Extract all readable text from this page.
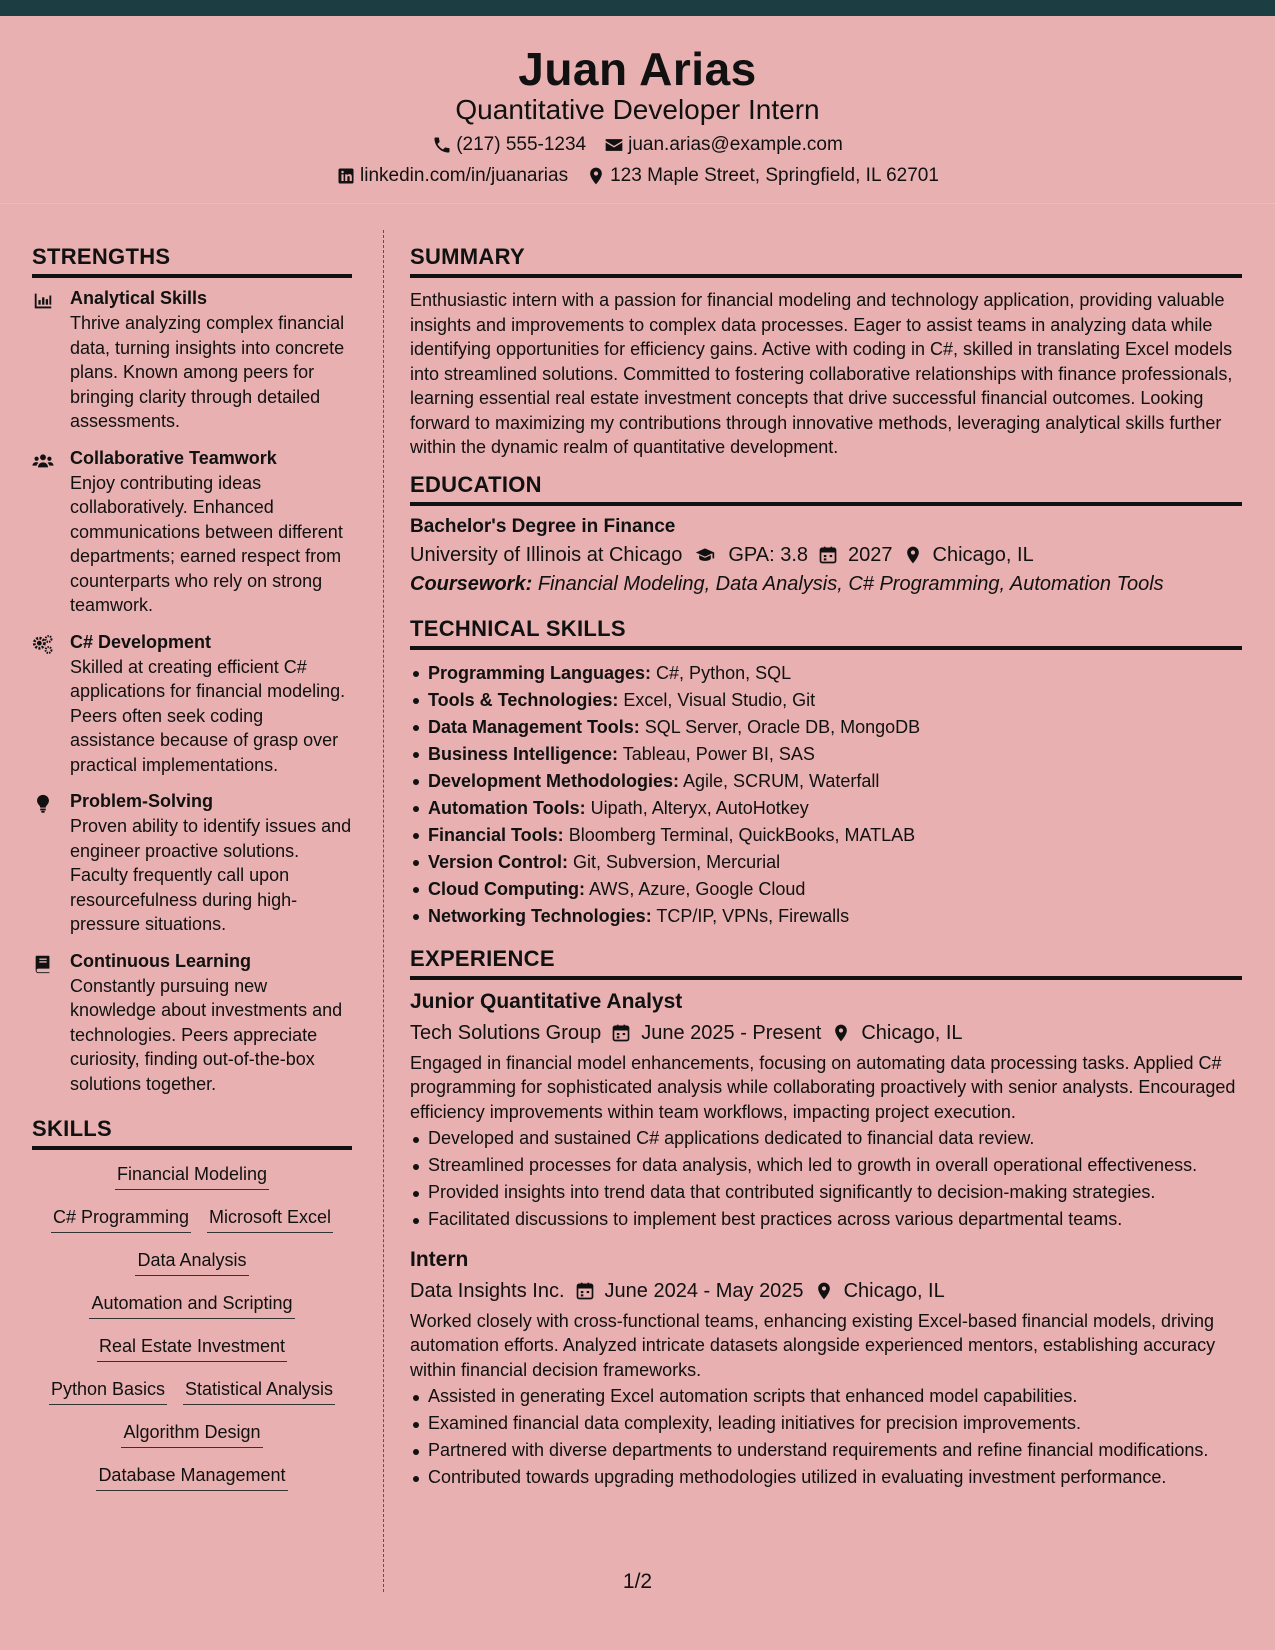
Juan Arias
Quantitative Developer Intern
(217) 555-1234 juan.arias@example.com
linkedin.com/in/juanarias 123 Maple Street, Springfield, IL 62701
STRENGTHS
Analytical Skills

Thrive analyzing complex financial data, turning insights into concrete plans. Known among peers for bringing clarity through detailed assessments.

Collaborative Teamwork

Enjoy contributing ideas collaboratively. Enhanced communications between different departments; earned respect from counterparts who rely on strong teamwork.

C# Development

Skilled at creating efficient C# applications for financial modeling. Peers often seek coding assistance because of grasp over practical implementations.

Problem-Solving

Proven ability to identify issues and engineer proactive solutions. Faculty frequently call upon resourcefulness during high-pressure situations.

Continuous Learning

Constantly pursuing new knowledge about investments and technologies. Peers appreciate curiosity, finding out-of-the-box solutions together.

SKILLS
Financial Modeling
C# Programming Microsoft Excel
Data Analysis
Automation and Scripting
Real Estate Investment
Python Basics Statistical Analysis
Algorithm Design
Database Management
SUMMARY

Enthusiastic intern with a passion for financial modeling and technology application, providing valuable insights and improvements to complex data processes. Eager to assist teams in analyzing data while identifying opportunities for efficiency gains. Active with coding in C#, skilled in translating Excel models into streamlined solutions. Committed to fostering collaborative relationships with finance professionals, learning essential real estate investment concepts that drive successful financial outcomes. Looking forward to maximizing my contributions through innovative methods, leveraging analytical skills further within the dynamic realm of quantitative development.

EDUCATION
Bachelor's Degree in Finance
University of Illinois at Chicago GPA: 3.8 2027 Chicago, IL
Coursework: Financial Modeling, Data Analysis, C# Programming, Automation Tools
TECHNICAL SKILLS
Programming Languages: C#, Python, SQL
Tools & Technologies: Excel, Visual Studio, Git
Data Management Tools: SQL Server, Oracle DB, MongoDB
Business Intelligence: Tableau, Power BI, SAS
Development Methodologies: Agile, SCRUM, Waterfall
Automation Tools: Uipath, Alteryx, AutoHotkey
Financial Tools: Bloomberg Terminal, QuickBooks, MATLAB
Version Control: Git, Subversion, Mercurial
Cloud Computing: AWS, Azure, Google Cloud
Networking Technologies: TCP/IP, VPNs, Firewalls
EXPERIENCE
Junior Quantitative Analyst
Tech Solutions Group June 2025 - Present Chicago, IL

Engaged in financial model enhancements, focusing on automating data processing tasks. Applied C# programming for sophisticated analysis while collaborating proactively with senior analysts. Encouraged efficiency improvements within team workflows, impacting project execution.

Developed and sustained C# applications dedicated to financial data review.
Streamlined processes for data analysis, which led to growth in overall operational effectiveness.
Provided insights into trend data that contributed significantly to decision-making strategies.
Facilitated discussions to implement best practices across various departmental teams.
Intern
Data Insights Inc. June 2024 - May 2025 Chicago, IL

Worked closely with cross-functional teams, enhancing existing Excel-based financial models, driving automation efforts. Analyzed intricate datasets alongside experienced mentors, establishing accuracy within financial decision frameworks.

Assisted in generating Excel automation scripts that enhanced model capabilities.
Examined financial data complexity, leading initiatives for precision improvements.
Partnered with diverse departments to understand requirements and refine financial modifications.
Contributed towards upgrading methodologies utilized in evaluating investment performance.
1/2
